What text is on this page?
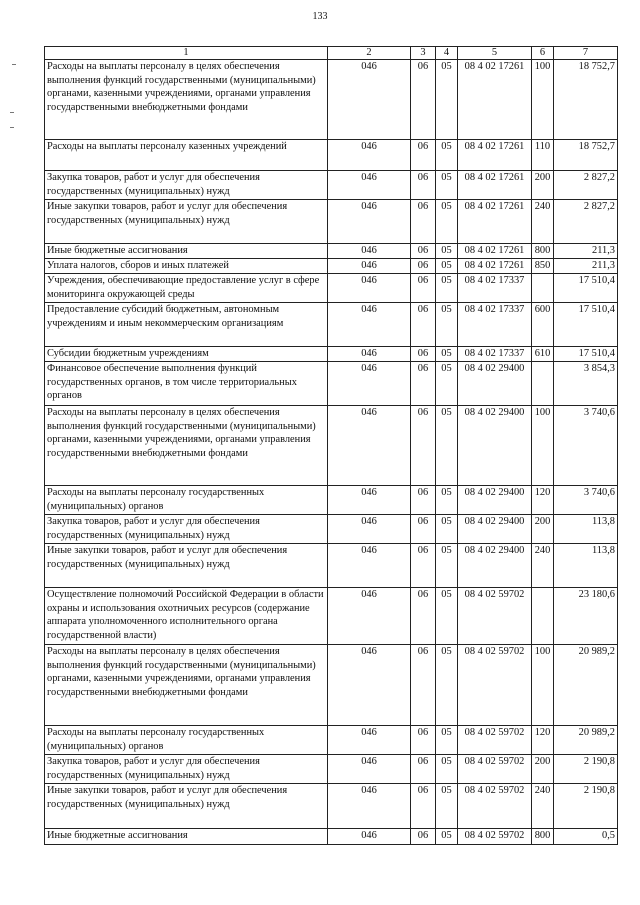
133
1	2	3	4	5	6	7
Расходы на выплаты персоналу в целях обеспечения выполнения функций государственными (муниципальными) органами, казенными учреждениями, органами управления государственными внебюджетными фондами	046	06	05	08 4 02 17261	100	18 752,7
Расходы на выплаты персоналу казенных учреждений	046	06	05	08 4 02 17261	110	18 752,7
Закупка товаров, работ и услуг для обеспечения государственных (муниципальных) нужд	046	06	05	08 4 02 17261	200	2 827,2
Иные закупки товаров, работ и услуг для обеспечения государственных (муниципальных) нужд	046	06	05	08 4 02 17261	240	2 827,2
Иные бюджетные ассигнования	046	06	05	08 4 02 17261	800	211,3
Уплата налогов, сборов и иных платежей	046	06	05	08 4 02 17261	850	211,3
Учреждения, обеспечивающие предоставление услуг в сфере мониторинга окружающей среды	046	06	05	08 4 02 17337		17 510,4
Предоставление субсидий бюджетным, автономным учреждениям и иным некоммерческим организациям	046	06	05	08 4 02 17337	600	17 510,4
Субсидии бюджетным учреждениям	046	06	05	08 4 02 17337	610	17 510,4
Финансовое обеспечение выполнения функций государственных органов, в том числе территориальных органов	046	06	05	08 4 02 29400		3 854,3
Расходы на выплаты персоналу в целях обеспечения выполнения функций государственными (муниципальными) органами, казенными учреждениями, органами управления государственными внебюджетными фондами	046	06	05	08 4 02 29400	100	3 740,6
Расходы на выплаты персоналу государственных (муниципальных) органов	046	06	05	08 4 02 29400	120	3 740,6
Закупка товаров, работ и услуг для обеспечения государственных (муниципальных) нужд	046	06	05	08 4 02 29400	200	113,8
Иные закупки товаров, работ и услуг для обеспечения государственных (муниципальных) нужд	046	06	05	08 4 02 29400	240	113,8
Осуществление полномочий Российской Федерации в области охраны и использования охотничьих ресурсов (содержание аппарата уполномоченного исполнительного органа государственной власти)	046	06	05	08 4 02 59702		23 180,6
Расходы на выплаты персоналу в целях обеспечения выполнения функций государственными (муниципальными) органами, казенными учреждениями, органами управления государственными внебюджетными фондами	046	06	05	08 4 02 59702	100	20 989,2
Расходы на выплаты персоналу государственных (муниципальных) органов	046	06	05	08 4 02 59702	120	20 989,2
Закупка товаров, работ и услуг для обеспечения государственных (муниципальных) нужд	046	06	05	08 4 02 59702	200	2 190,8
Иные закупки товаров, работ и услуг для обеспечения государственных (муниципальных) нужд	046	06	05	08 4 02 59702	240	2 190,8
Иные бюджетные ассигнования	046	06	05	08 4 02 59702	800	0,5
